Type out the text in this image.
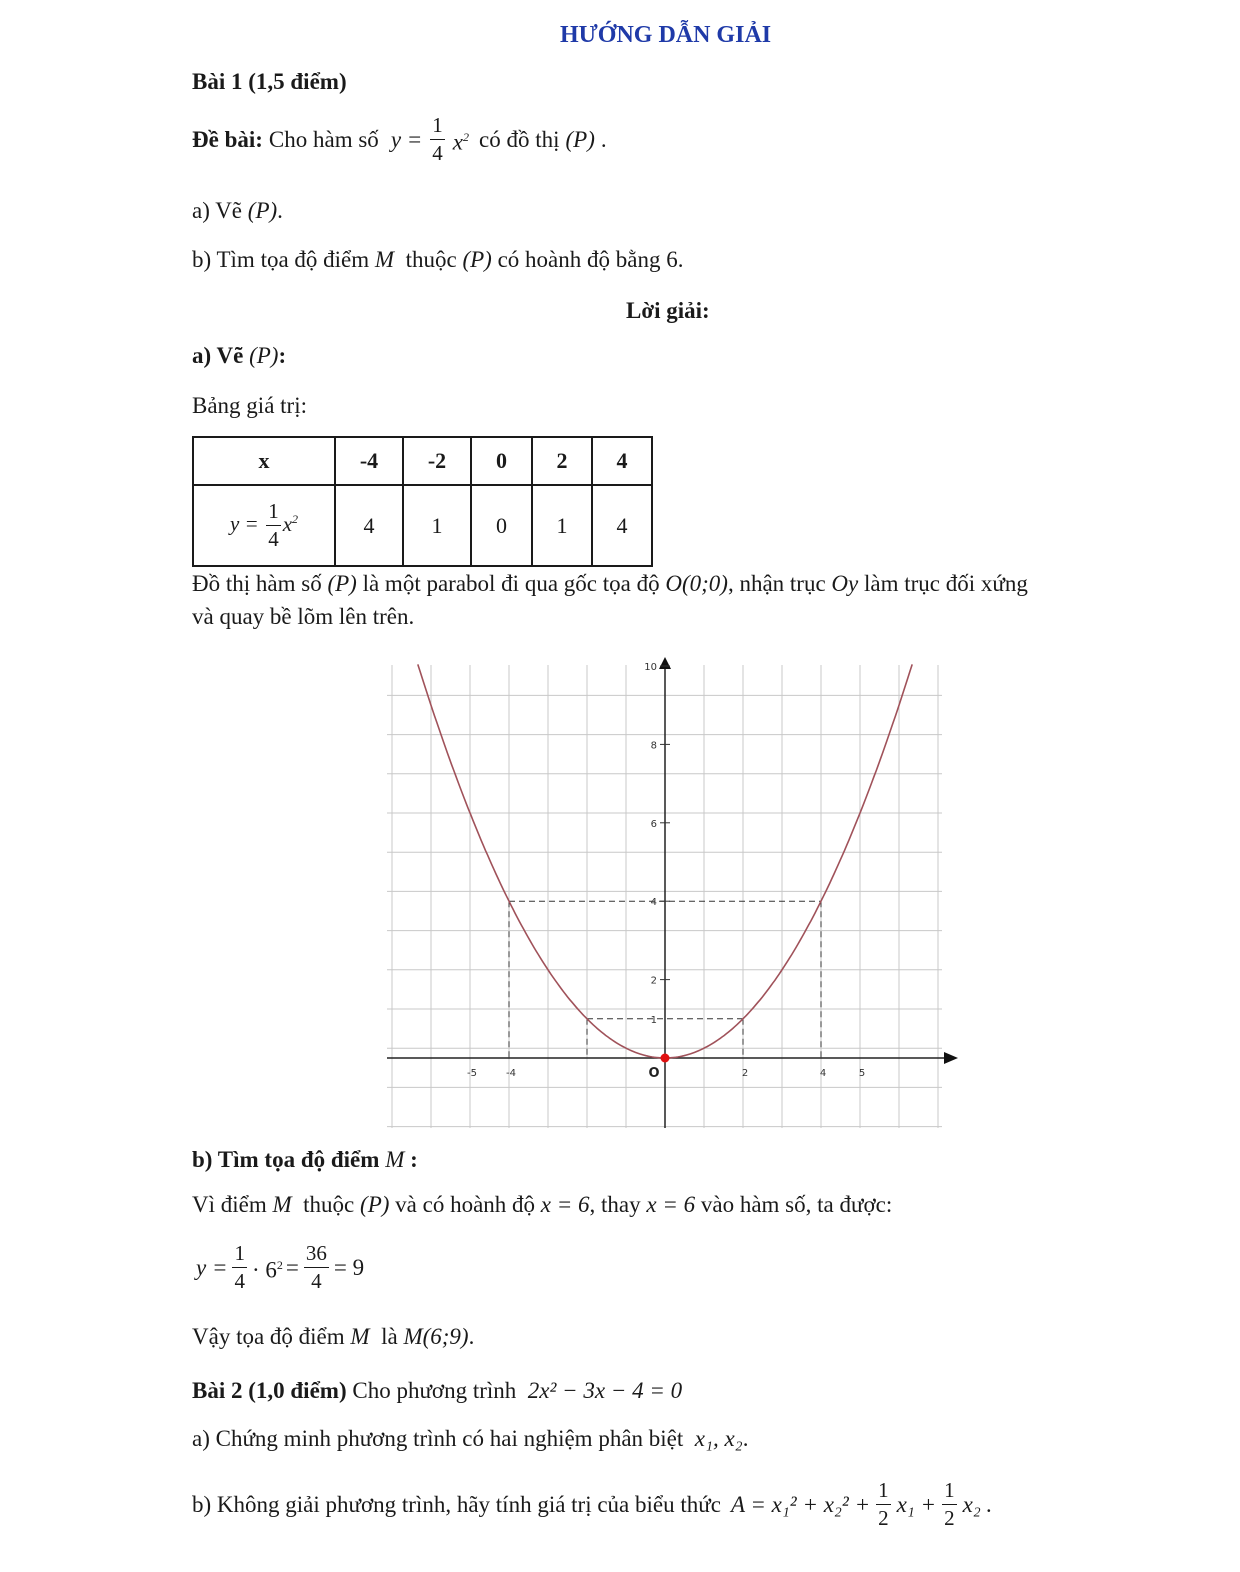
HƯỚNG DẪN GIẢI
Bài 1 (1,5 điểm)
Đề bài: Cho hàm số $y = \frac{1}{4} x^2$ có đồ thị (P) .
a) Vẽ (P).
b) Tìm tọa độ điểm M thuộc (P) có hoành độ bằng 6.
Lời giải:
a) Vẽ (P):
Bảng giá trị:
x	-4	-2	0	2	4
$y = \frac{1}{4} x^2$	4	1	0	1	4
Đồ thị hàm số (P) là một parabol đi qua gốc tọa độ O(0;0), nhận trục Oy làm trục đối xứng
và quay bề lõm lên trên.
-5	-4	2	4	5
2
4
6
8
10
1
O
b) Tìm tọa độ điểm M :
Vì điểm M thuộc (P) và có hoành độ x = 6, thay x = 6 vào hàm số, ta được:
$y = \frac{1}{4} \cdot 6^2 = \frac{36}{4} = 9$
Vậy tọa độ điểm M là M(6;9).
Bài 2 (1,0 điểm) Cho phương trình 2x² − 3x − 4 = 0
a) Chứng minh phương trình có hai nghiệm phân biệt x₁, x₂.
b) Không giải phương trình, hãy tính giá trị của biểu thức $A = x_1^2 + x_2^2 + \frac{1}{2} x_1 + \frac{1}{2} x_2$ .
